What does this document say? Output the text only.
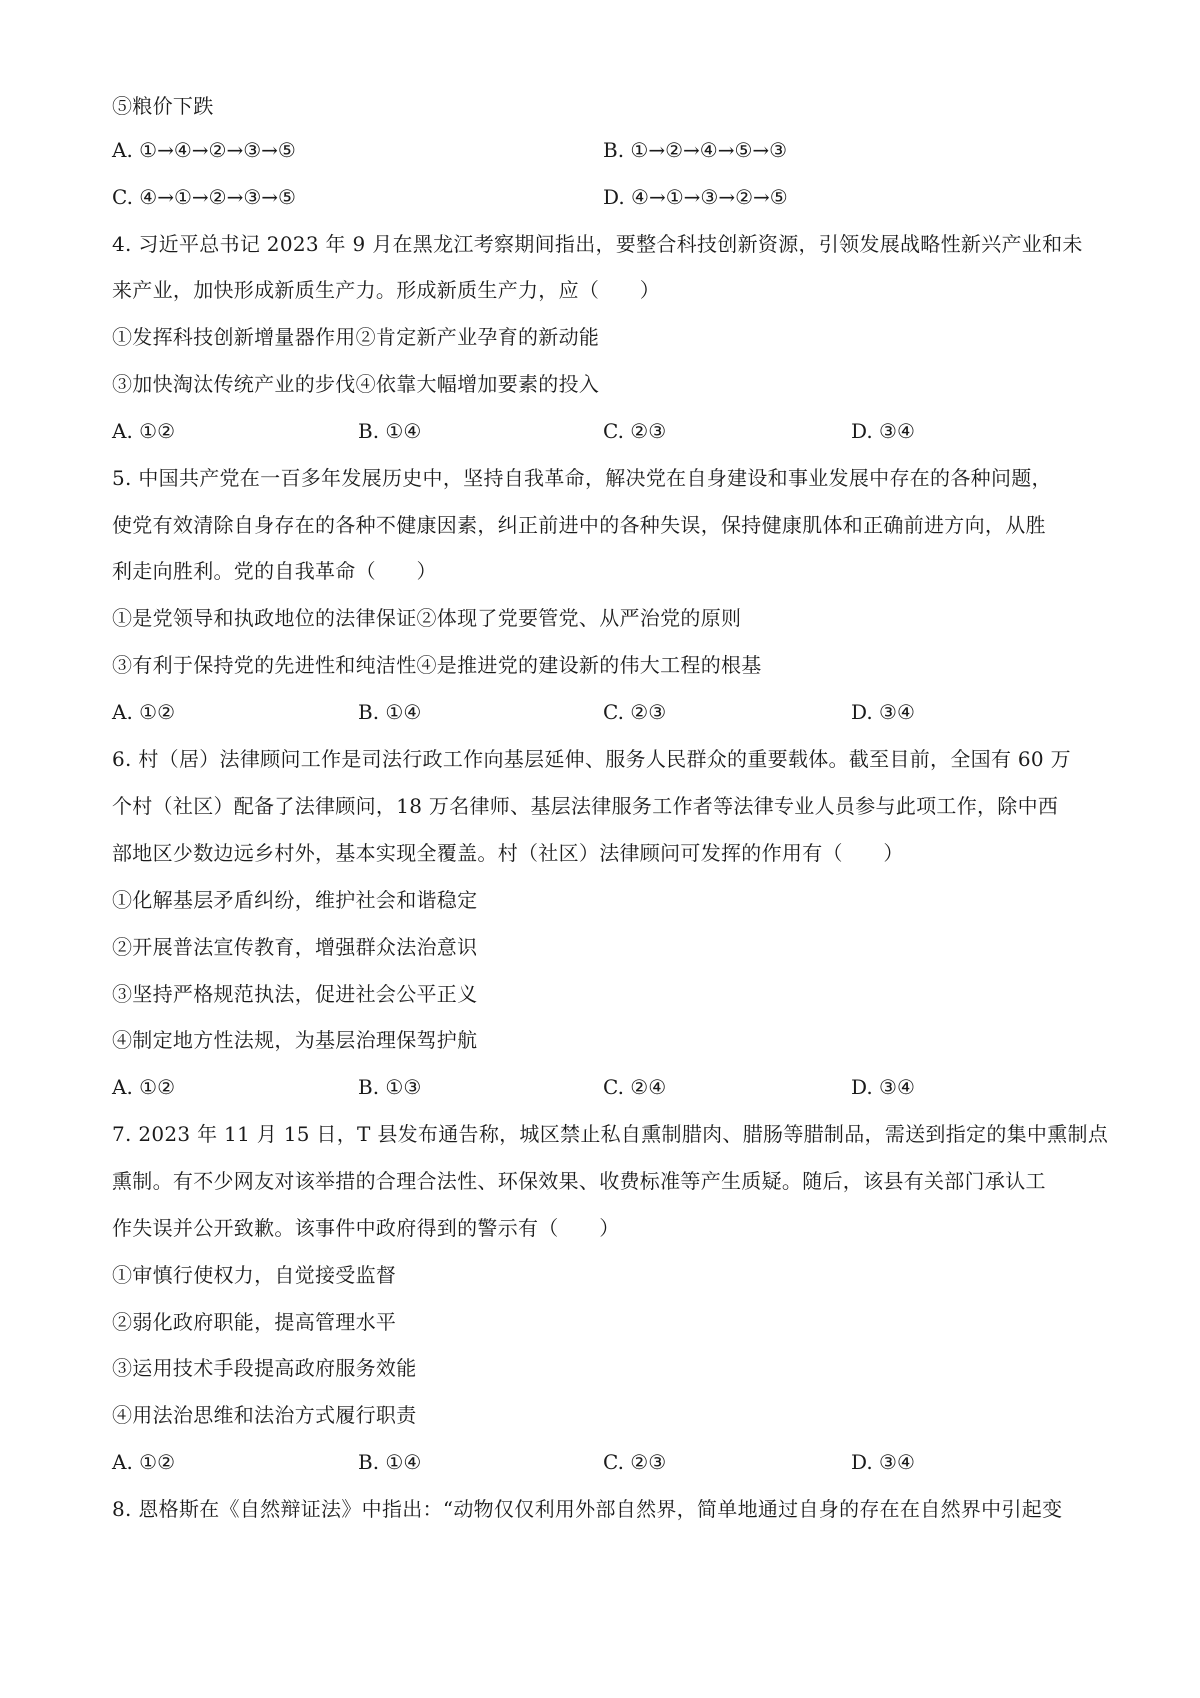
⑤粮价下跌
A. ①→④→②→③→⑤	B. ①→②→④→⑤→③
C. ④→①→②→③→⑤	D. ④→①→③→②→⑤
4. 习近平总书记 2023 年 9 月在黑龙江考察期间指出，要整合科技创新资源，引领发展战略性新兴产业和未
来产业，加快形成新质生产力。形成新质生产力，应（　　）
①发挥科技创新增量器作用②肯定新产业孕育的新动能
③加快淘汰传统产业的步伐④依靠大幅增加要素的投入
A. ①②	B. ①④	C. ②③	D. ③④
5. 中国共产党在一百多年发展历史中，坚持自我革命，解决党在自身建设和事业发展中存在的各种问题，
使党有效清除自身存在的各种不健康因素，纠正前进中的各种失误，保持健康肌体和正确前进方向，从胜
利走向胜利。党的自我革命（　　）
①是党领导和执政地位的法律保证②体现了党要管党、从严治党的原则
③有利于保持党的先进性和纯洁性④是推进党的建设新的伟大工程的根基
A. ①②	B. ①④	C. ②③	D. ③④
6. 村（居）法律顾问工作是司法行政工作向基层延伸、服务人民群众的重要载体。截至目前，全国有 60 万
个村（社区）配备了法律顾问，18 万名律师、基层法律服务工作者等法律专业人员参与此项工作，除中西
部地区少数边远乡村外，基本实现全覆盖。村（社区）法律顾问可发挥的作用有（　　）
①化解基层矛盾纠纷，维护社会和谐稳定
②开展普法宣传教育，增强群众法治意识
③坚持严格规范执法，促进社会公平正义
④制定地方性法规，为基层治理保驾护航
A. ①②	B. ①③	C. ②④	D. ③④
7. 2023 年 11 月 15 日，T 县发布通告称，城区禁止私自熏制腊肉、腊肠等腊制品，需送到指定的集中熏制点
熏制。有不少网友对该举措的合理合法性、环保效果、收费标准等产生质疑。随后，该县有关部门承认工
作失误并公开致歉。该事件中政府得到的警示有（　　）
①审慎行使权力，自觉接受监督
②弱化政府职能，提高管理水平
③运用技术手段提高政府服务效能
④用法治思维和法治方式履行职责
A. ①②	B. ①④	C. ②③	D. ③④
8. 恩格斯在《自然辩证法》中指出：“动物仅仅利用外部自然界，简单地通过自身的存在在自然界中引起变
